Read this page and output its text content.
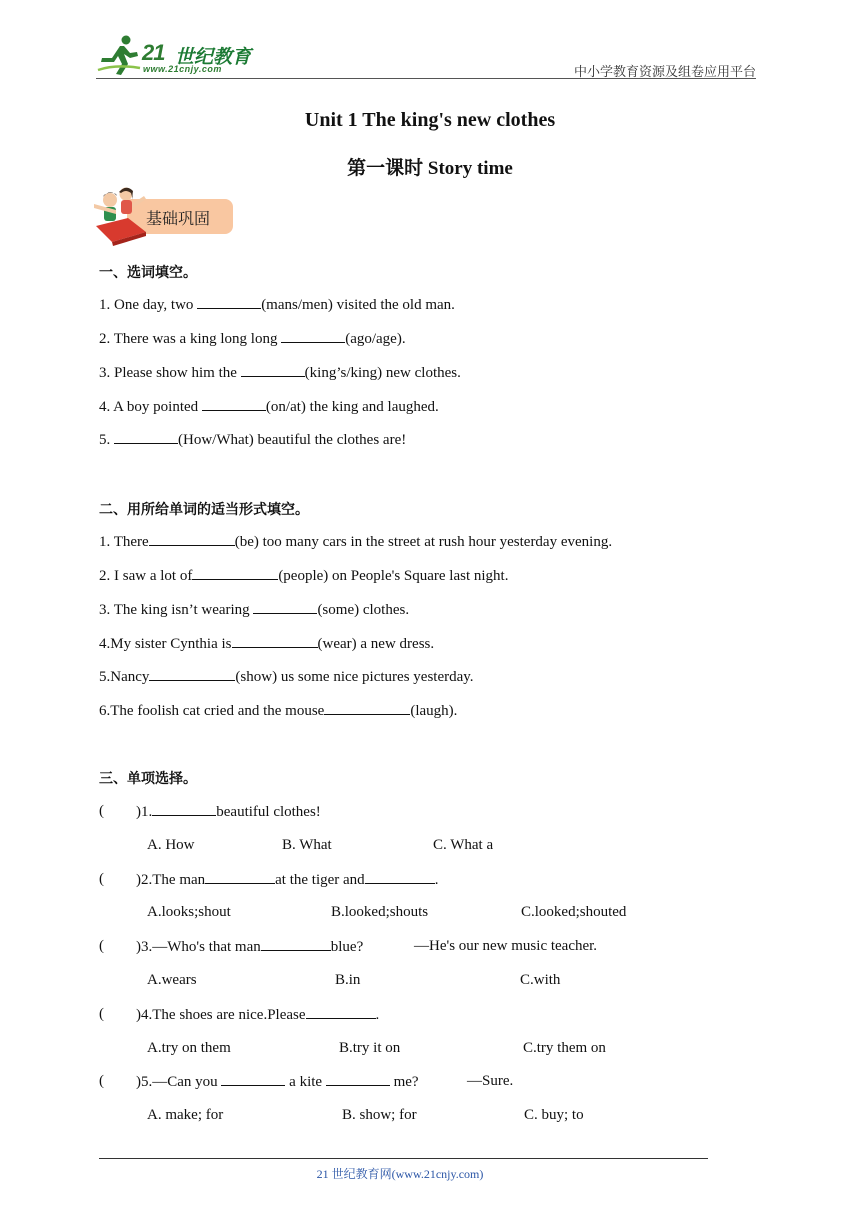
21 世纪教育
www.21cnjy.com	中小学教育资源及组卷应用平台
Unit 1 The king's new clothes
第一课时 Story time
基础巩固
一、选词填空。
1. One day, two	(mans/men) visited the old man.
2. There was a king long long	(ago/age).
3. Please show him the	(king’s/king) new clothes.
4. A boy pointed	(on/at) the king and laughed.
5.	(How/What) beautiful the clothes are!
二、用所给单词的适当形式填空。
1. There	(be) too many cars in the street at rush hour yesterday evening.
2. I saw a lot of	(people) on People's Square last night.
3. The king isn’t wearing	(some) clothes.
4.My sister Cynthia is	(wear) a new dress.
5.Nancy	(show) us some nice pictures yesterday.
6.The foolish cat cried and the mouse	(laugh).
三、单项选择。
( )1.	beautiful clothes!
A. How	B. What	C. What a
( )2.The man	at the tiger and	.
A.looks;shout	B.looked;shouts	C.looked;shouted
( )3.—Who's that man	blue?	—He's our new music teacher.
A.wears	B.in	C.with
( )4.The shoes are nice.Please	.
A.try on them	B.try it on	C.try them on
( )5.—Can you	a kite	me?	—Sure.
A. make; for	B. show; for	C. buy; to
21 世纪教育网(www.21cnjy.com)
